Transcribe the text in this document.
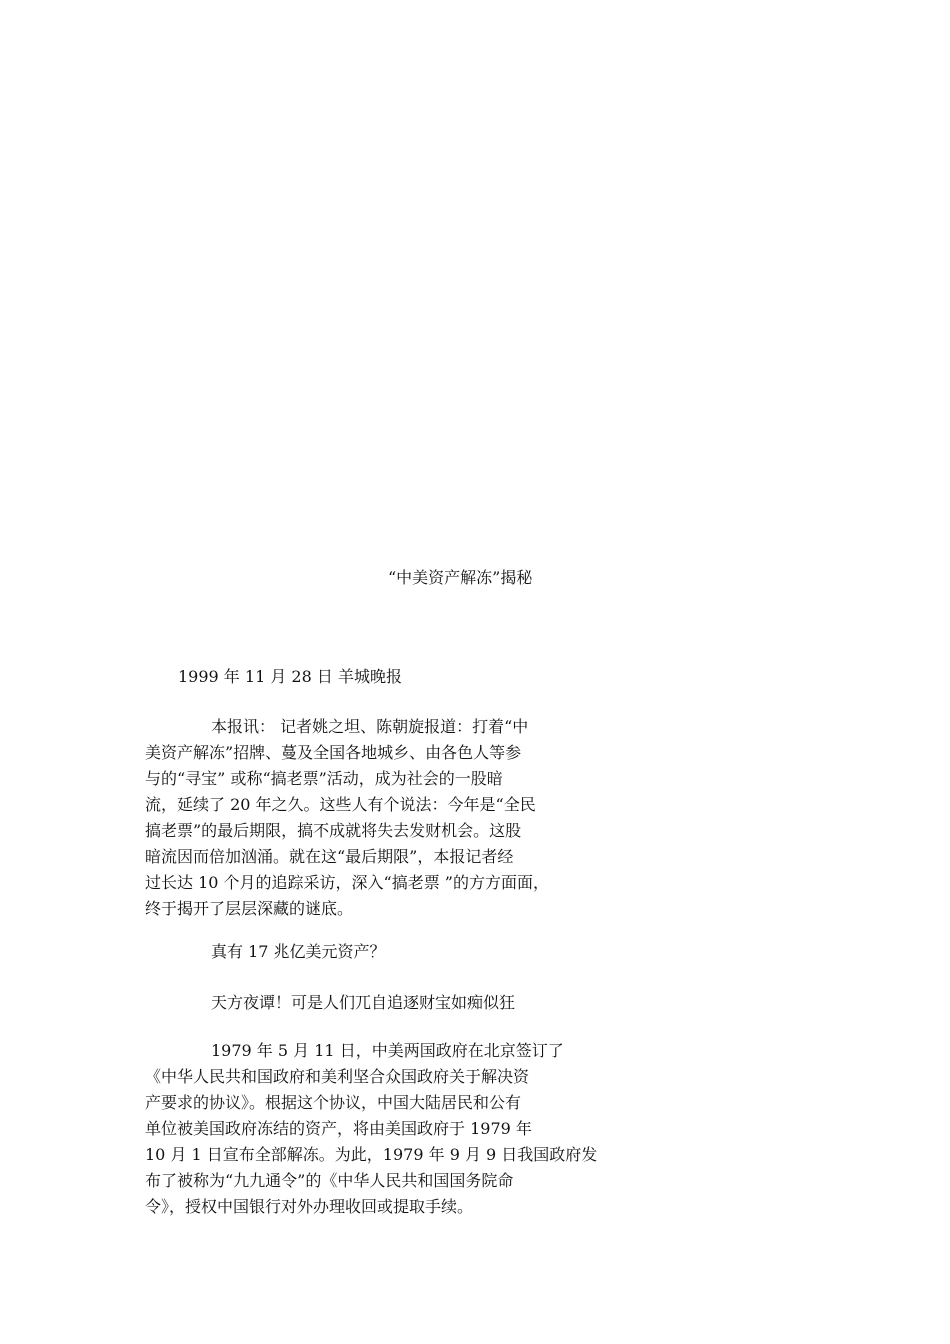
“中美资产解冻”揭秘
1999 年 11 月 28 日 羊城晚报
本报讯： 记者姚之坦、陈朝旋报道：打着“中
美资产解冻”招牌、蔓及全国各地城乡、由各色人等参
与的“寻宝” 或称“搞老票”活动，成为社会的一股暗
流，延续了 20 年之久。这些人有个说法：今年是“全民
搞老票”的最后期限，搞不成就将失去发财机会。这股
暗流因而倍加汹涌。就在这“最后期限”，本报记者经
过长达 10 个月的追踪采访，深入“搞老票 ”的方方面面，
终于揭开了层层深藏的谜底。
真有 17 兆亿美元资产？
天方夜谭！可是人们兀自追逐财宝如痴似狂
1979 年 5 月 11 日，中美两国政府在北京签订了
《中华人民共和国政府和美利坚合众国政府关于解决资
产要求的协议》。根据这个协议，中国大陆居民和公有
单位被美国政府冻结的资产，将由美国政府于 1979 年
10 月 1 日宣布全部解冻。为此，1979 年 9 月 9 日我国政府发
布了被称为“九九通令”的《中华人民共和国国务院命
令》，授权中国银行对外办理收回或提取手续。
